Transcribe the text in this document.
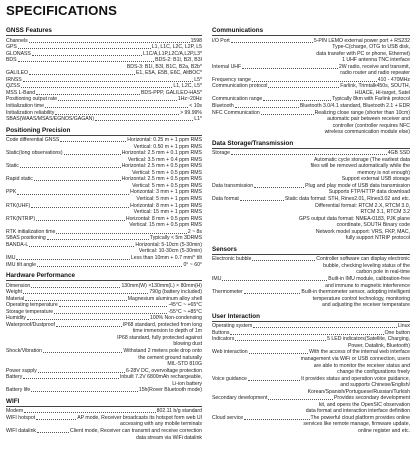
SPECIFICATIONS
GNSS Features
Channels	1598
GPS	L1, L1C, L2C, L2P, L5
GLONASS	L1C/A,L1P,L2C/A,L2P,L3*
BDS	BDS-2: B1I, B2I, B3I
BDS-3: B1I, B3I, B1C, B2a, B2b*
GALILEO	E1, E5A, E5B, E6C, AltBOC*
IRNSS	L5*
QZSS	L1, L2C, L5*
MSS L-Band	BDS-PPP, GALILEO-HAS*
Positioning output rate	1Hz~20Hz
Initialization time	< 10s
Initialization reliability	> 99.99%
SBAS(WAAS/MSAS/EGNOS/GAGAN)	L1*
Positioning Precision
Code differential GNSS	Horizontal: 0.25 m + 1 ppm RMS
Vertical: 0.50 m + 1 ppm RMS
Static(long observations)	Horizontal: 2.5 mm + 0.1 ppm RMS
Vertical: 3.5 mm + 0.4 ppm RMS
Static	Horizontal: 2.5 mm + 0.5 ppm RMS
Vertical: 5 mm + 0.5 ppm RMS
Rapid static	Horizontal: 2.5 mm + 0.5 ppm RMS
Vertical: 5 mm + 0.5 ppm RMS
PPK	Horizontal: 3 mm + 1 ppm RMS
Vertical: 5 mm + 1 ppm RMS
RTK(UHF)	Horizontal: 8 mm + 1 ppm RMS
Vertical: 15 mm + 1 ppm RMS
RTK(NTRIP)	Horizontal: 8 mm + 0.5 ppm RMS
Vertical: 15 mm + 0.5 ppm RMS
RTK initialization time	2 ~ 8s
SBAS positioning	Typically < 5m 3DRMS
BANDA-L	Horizontal: 5-10cm (5-30min)
Vertical: 10-30cm (5-30min)
IMU	Less than 10mm + 0.7 mm/° tilt
IMU tilt angle	0° ~ 60°
Hardware Performance
Dimension	130mm(W) ×130mm(L) × 80mm(H)
Weight	790g (battery included)
Material	Magnesium aluminum alloy shell
Operating temperature	-45°C ~ +65°C
Storage temperature	-55°C ~ +85°C
Humidity	100% Non-condensing
Waterproof/Dustproof	IP68 standard, protected from long
time immersion to depth of 1m
IP68 standard, fully protected against
blowing dust
Shock/Vibration	Withstand 2 meters pole drop onto
the cement ground naturally
MIL-STD 810G
Power supply	6-28V DC, overvoltage protection
Battery	Inbuilt 7.2V 6800mAh rechargeable,
Li-ion battery
Battery life	15h(Rover Bluetooth mode)
WIFI
Modem	802.11 b/g standard
WIFI hotspot	AP mode, Receiver broadcasts its hotspot form web UI
accessing with any mobile terminals
WIFI datalink	Client mode, Receiver can transmit and receive correction
data stream via WiFi datalink
Communications
I/O Port	5-PIN LEMO external power port + RS232
Type-C(charge, OTG to USB disk,
data transfer with PC or phone, Ethernet)
1 UHF antenna TNC interface
Internal UHF	2W radio, receive and transmit,
radio router and radio repeater
Frequency range	410 - 470MHz
Communication protocol	Farlink, Trimtalk450s, SOUTH,
HUACE, Hi-target, Satel
Communication range	Typically 8km with Farlink protocol
Bluetooth	Bluetooth 3.0/4.1 standard, Bluetooth 2.1 + EDR
NFC Communication	Realizing close range (shorter than 10cm)
automatic pair between receiver and
controller (controller requires NFC
wireless communication module else)
Data Storage/Transmission
Storage	4GB SSD
Automatic cycle storage (The earliest data
files will be removed automatically while the
memory is not enough)
Support external USB storage
Data transmission	Plug and play mode of USB data transmission
Supports FTP/HTTP data download
Data format	Static data format: STH, Rinex2.01, Rinex3.02 and etc.
Differential format: RTCM 2.X, RTCM 3.0,
RTCM 3.1, RTCM 3.2
GPS output data format: NMEA-0183, PJK plane
coordinate, SOUTH Binary code
Network model support: VRS, FKP, MAC,
fully support NTRIP protocol
Sensors
Electronic bubble	Controller software can display electronic
bubble, checking leveling status of the
carbon pole in real-time
IMU	Built-in IMU module, calibration-free
and immune to magnetic interference
Thermometer	Built-in thermometer sensor, adopting intelligent
temperature control technology, monitoring
and adjusting the receiver temperature
User Interaction
Operating system	Linux
Buttons	One button
Indicators	5 LED indicators(Satellite, Charging,
Power, Datalink, Bluetooth)
Web interaction	With the access of the internal web interface
management via WiFi or USB connection, users
are able to monitor the receiver status and
change the configurations freely
Voice guidance	It provides status and operation voice guidance,
and supports Chinese/English/
Korean/Spanish/Portuguese/Russian/Turkish
Secondary development	Provides secondary development
kit, and opens the OpenSIC observation
data format and interaction interface definition
Cloud service	The powerful cloud platform provides online
services like remote manage, firmware update,
online register and etc.
